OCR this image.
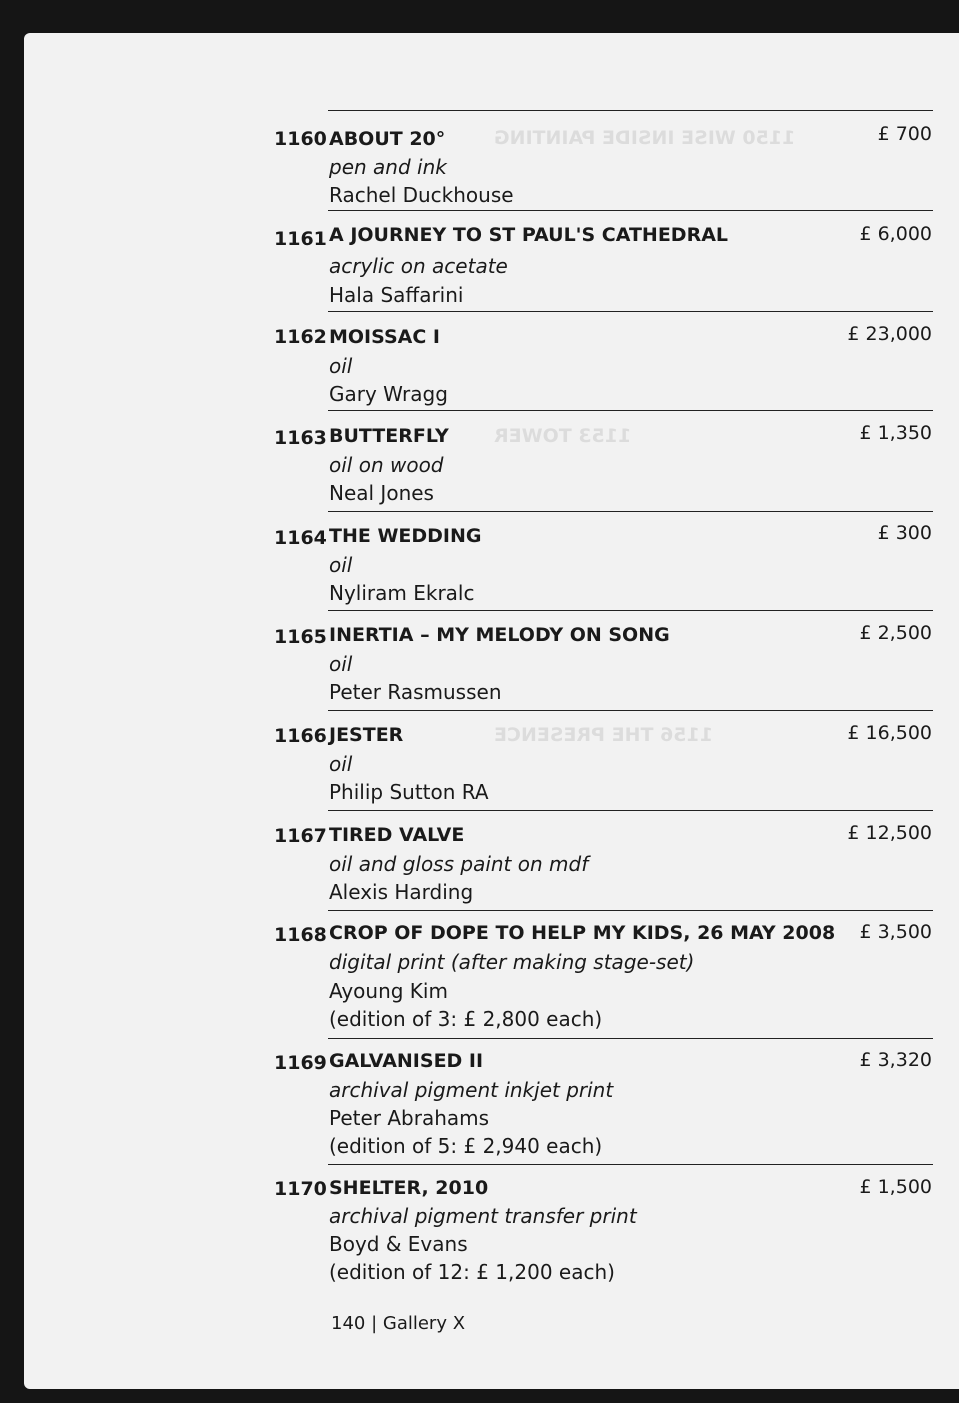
1150 WISE INSIDE PAINTING
1153 TOWER
1156 THE PRESENCE
1160 ABOUT 20°	£ 700
pen and ink
Rachel Duckhouse
1161 A JOURNEY TO ST PAUL'S CATHEDRAL	£ 6,000
acrylic on acetate
Hala Saffarini
1162 MOISSAC I	£ 23,000
oil
Gary Wragg
1163 BUTTERFLY	£ 1,350
oil on wood
Neal Jones
1164 THE WEDDING	£ 300
oil
Nyliram Ekralc
1165 INERTIA – MY MELODY ON SONG	£ 2,500
oil
Peter Rasmussen
1166 JESTER	£ 16,500
oil
Philip Sutton RA
1167 TIRED VALVE	£ 12,500
oil and gloss paint on mdf
Alexis Harding
1168 CROP OF DOPE TO HELP MY KIDS, 26 MAY 2008 £ 3,500
digital print (after making stage-set)
Ayoung Kim
(edition of 3: £ 2,800 each)
1169 GALVANISED II	£ 3,320
archival pigment inkjet print
Peter Abrahams
(edition of 5: £ 2,940 each)
1170 SHELTER, 2010	£ 1,500
archival pigment transfer print
Boyd & Evans
(edition of 12: £ 1,200 each)
140 | Gallery X
